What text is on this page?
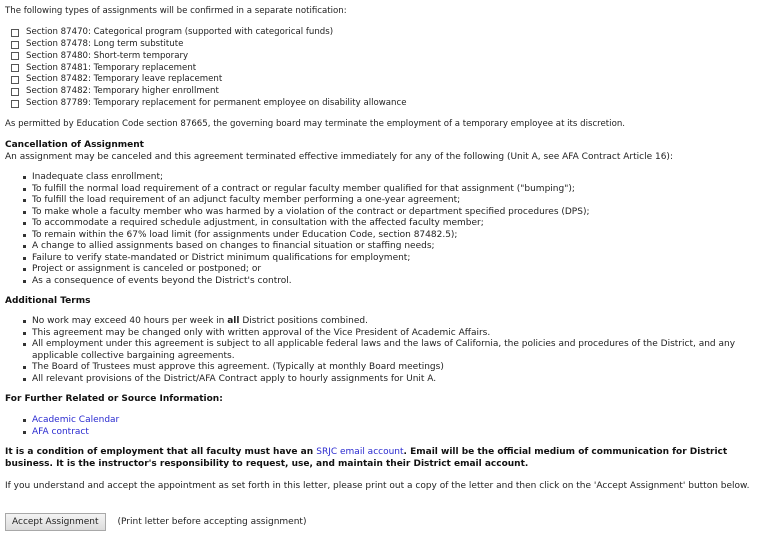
The following types of assignments will be confirmed in a separate notification:
Section 87470: Categorical program (supported with categorical funds)
Section 87478: Long term substitute
Section 87480: Short-term temporary
Section 87481: Temporary replacement
Section 87482: Temporary leave replacement
Section 87482: Temporary higher enrollment
Section 87789: Temporary replacement for permanent employee on disability allowance
As permitted by Education Code section 87665, the governing board may terminate the employment of a temporary employee at its discretion.
Cancellation of Assignment
An assignment may be canceled and this agreement terminated effective immediately for any of the following (Unit A, see AFA Contract Article 16):
Inadequate class enrollment;
To fulfill the normal load requirement of a contract or regular faculty member qualified for that assignment ("bumping");
To fulfill the load requirement of an adjunct faculty member performing a one-year agreement;
To make whole a faculty member who was harmed by a violation of the contract or department specified procedures (DPS);
To accommodate a required schedule adjustment, in consultation with the affected faculty member;
To remain within the 67% load limit (for assignments under Education Code, section 87482.5);
A change to allied assignments based on changes to financial situation or staffing needs;
Failure to verify state-mandated or District minimum qualifications for employment;
Project or assignment is canceled or postponed; or
As a consequence of events beyond the District's control.
Additional Terms
No work may exceed 40 hours per week in all District positions combined.
This agreement may be changed only with written approval of the Vice President of Academic Affairs.
All employment under this agreement is subject to all applicable federal laws and the laws of California, the policies and procedures of the District, and any applicable collective bargaining agreements.
The Board of Trustees must approve this agreement. (Typically at monthly Board meetings)
All relevant provisions of the District/AFA Contract apply to hourly assignments for Unit A.
For Further Related or Source Information:
Academic Calendar
AFA contract
It is a condition of employment that all faculty must have an SRJC email account. Email will be the official medium of communication for District business. It is the instructor's responsibility to request, use, and maintain their District email account.
If you understand and accept the appointment as set forth in this letter, please print out a copy of the letter and then click on the 'Accept Assignment' button below.
Accept Assignment	(Print letter before accepting assignment)
